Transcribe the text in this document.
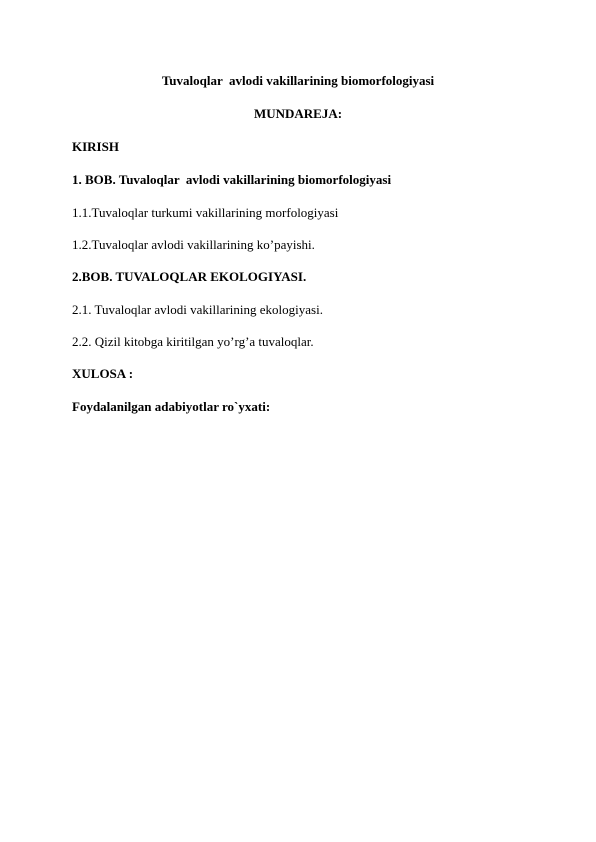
Tuvaloqlar  avlodi vakillarining biomorfologiyasi
MUNDAREJA:
KIRISH
1. BOB. Tuvaloqlar  avlodi vakillarining biomorfologiyasi
1.1.Tuvaloqlar turkumi vakillarining morfologiyasi
1.2.Tuvaloqlar avlodi vakillarining ko’payishi.
2.BOB. TUVALOQLAR EKOLOGIYASI.
2.1. Tuvaloqlar avlodi vakillarining ekologiyasi.
2.2. Qizil kitobga kiritilgan yo’rg’a tuvaloqlar.
XULOSA :
Foydalanilgan adabiyotlar ro`yxati:
